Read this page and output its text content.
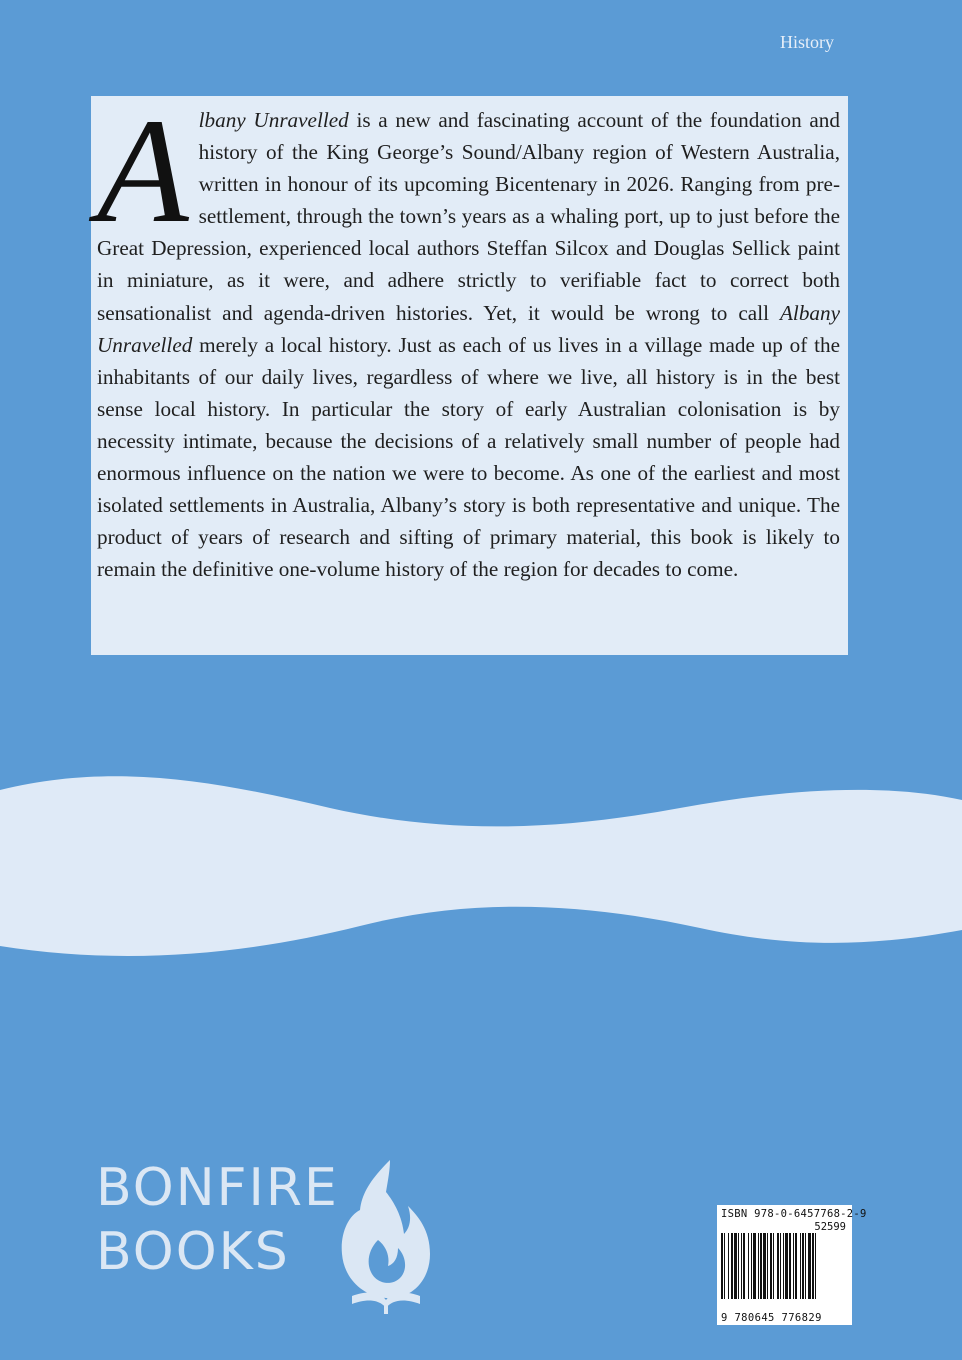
History
A lbany Unravelled is a new and fascinating account of the foundation and history of the King George’s Sound/Albany region of Western Australia, written in honour of its upcoming Bicentenary in 2026. Ranging from pre-settlement, through the town’s years as a whaling port, up to just before the Great Depression, experienced local authors Steffan Silcox and Douglas Sellick paint in miniature, as it were, and adhere strictly to verifiable fact to correct both sensationalist and agenda-driven histories. Yet, it would be wrong to call Albany Unravelled merely a local history. Just as each of us lives in a village made up of the inhabitants of our daily lives, regardless of where we live, all history is in the best sense local history. In particular the story of early Australian colonisation is by necessity intimate, because the decisions of a relatively small number of people had enormous influence on the nation we were to become. As one of the earliest and most isolated settlements in Australia, Albany’s story is both representative and unique. The product of years of research and sifting of primary material, this book is likely to remain the definitive one-volume history of the region for decades to come.

BONFIRE
BOOKS
ISBN 978-0-6457768-2-9
52599
9 780645 776829
